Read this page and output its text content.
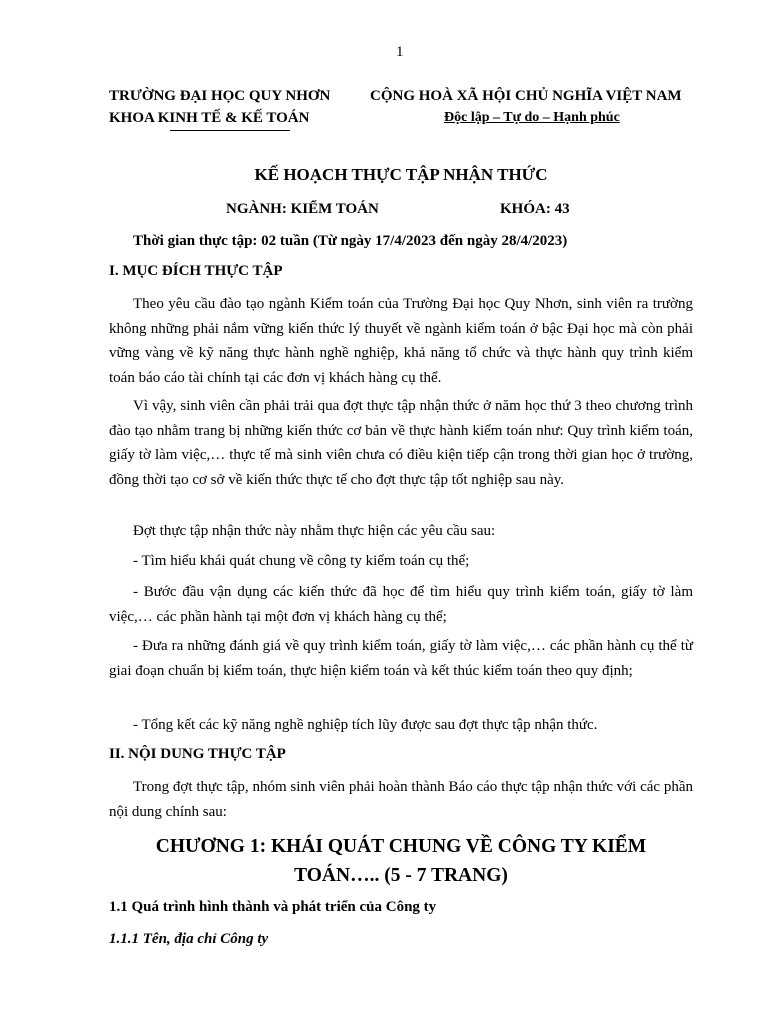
1
TRƯỜNG ĐẠI HỌC QUY NHƠN
KHOA KINH TẾ & KẾ TOÁN
CỘNG HOÀ XÃ HỘI CHỦ NGHĨA VIỆT NAM
Độc lập – Tự do – Hạnh phúc
KẾ HOẠCH THỰC TẬP NHẬN THỨC
NGÀNH: KIỂM TOÁN	KHÓA: 43
Thời gian thực tập: 02 tuần (Từ ngày 17/4/2023 đến ngày 28/4/2023)
I. MỤC ĐÍCH THỰC TẬP
Theo yêu cầu đào tạo ngành Kiểm toán của Trường Đại học Quy Nhơn, sinh viên ra trường không những phải nắm vững kiến thức lý thuyết về ngành kiểm toán ở bậc Đại học mà còn phải vững vàng về kỹ năng thực hành nghề nghiệp, khả năng tổ chức và thực hành quy trình kiểm toán báo cáo tài chính tại các đơn vị khách hàng cụ thể.
Vì vậy, sinh viên cần phải trải qua đợt thực tập nhận thức ở năm học thứ 3 theo chương trình đào tạo nhằm trang bị những kiến thức cơ bản về thực hành kiểm toán như: Quy trình kiểm toán, giấy tờ làm việc,… thực tế mà sinh viên chưa có điều kiện tiếp cận trong thời gian học ở trường, đồng thời tạo cơ sở về kiến thức thực tế cho đợt thực tập tốt nghiệp sau này.
Đợt thực tập nhận thức này nhằm thực hiện các yêu cầu sau:
- Tìm hiểu khái quát chung về công ty kiểm toán cụ thể;
- Bước đầu vận dụng các kiến thức đã học để tìm hiểu quy trình kiểm toán, giấy tờ làm việc,… các phần hành tại một đơn vị khách hàng cụ thể;
- Đưa ra những đánh giá về quy trình kiểm toán, giấy tờ làm việc,… các phần hành cụ thể từ giai đoạn chuẩn bị kiểm toán, thực hiện kiểm toán và kết thúc kiểm toán theo quy định;
- Tổng kết các kỹ năng nghề nghiệp tích lũy được sau đợt thực tập nhận thức.
II. NỘI DUNG THỰC TẬP
Trong đợt thực tập, nhóm sinh viên phải hoàn thành Báo cáo thực tập nhận thức với các phần nội dung chính sau:
CHƯƠNG 1: KHÁI QUÁT CHUNG VỀ CÔNG TY KIỂM
TOÁN….. (5 - 7 TRANG)
1.1 Quá trình hình thành và phát triển của Công ty
1.1.1 Tên, địa chỉ Công ty
